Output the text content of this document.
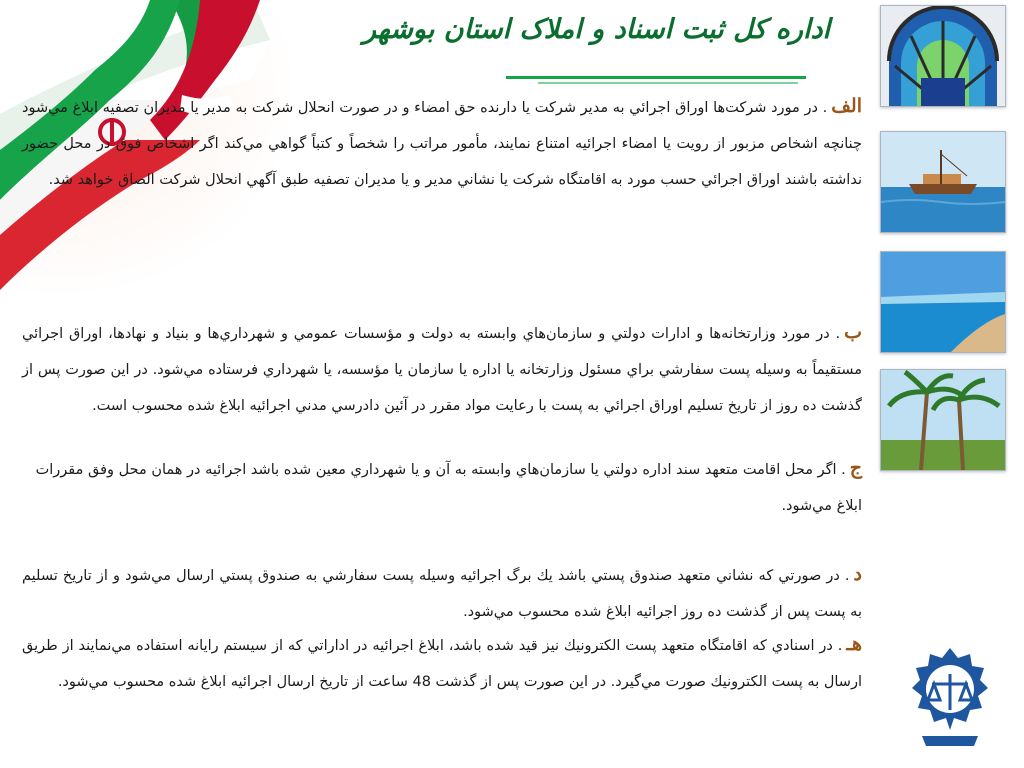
اداره کل ثبت اسناد و املاک استان بوشهر

الف. در مورد شرکت‌ها اوراق اجرائي به مدير شرکت يا دارنده حق امضاء و در صورت انحلال شرکت به مدير يا مديران تصفيه ابلاغ مي‌شود چنانچه اشخاص مزبور از رويت يا امضاء اجرائيه امتناع نمايند، مأمور مراتب را شخصاً و كتباً گواهي مي‌كند اگر اشخاص فوق در محل حضور نداشته باشند اوراق اجرائي حسب مورد به اقامتگاه شرکت يا نشاني مدير و يا مديران تصفيه طبق آگهي انحلال شرکت الصاق خواهد شد.

ب. در مورد وزارتخانه‌ها و ادارات دولتي و سازمان‌هاي وابسته به دولت و مؤسسات عمومي و شهرداري‌ها و بنياد و نهادها، اوراق اجرائي مستقيماً به وسيله پست سفارشي براي مسئول وزارتخانه يا اداره يا سازمان يا مؤسسه، يا شهرداري فرستاده مي‌شود. در اين صورت پس از گذشت ده روز از تاريخ تسليم اوراق اجرائي به پست با رعايت مواد مقرر در آئين دادرسي مدني اجرائيه ابلاغ شده محسوب است.

ج. اگر محل اقامت متعهد سند اداره دولتي يا سازمان‌هاي وابسته به آن و يا شهرداري معين شده باشد اجرائيه در همان محل وفق مقررات ابلاغ مي‌شود.

د. در صورتي كه نشاني متعهد صندوق پستي باشد يك برگ اجرائيه وسيله پست سفارشي به صندوق پستي ارسال مي‌شود و از تاريخ تسليم به پست پس از گذشت ده روز اجرائيه ابلاغ شده محسوب مي‌شود.

هـ. در اسنادي كه اقامتگاه متعهد پست الكترونيك نيز قيد شده باشد، ابلاغ اجرائيه در اداراتي كه از سيستم رايانه استفاده مي‌نمايند از طريق ارسال به پست الكترونيك صورت مي‌گيرد. در اين صورت پس از گذشت 48 ساعت از تاريخ ارسال اجرائيه ابلاغ شده محسوب مي‌شود.
